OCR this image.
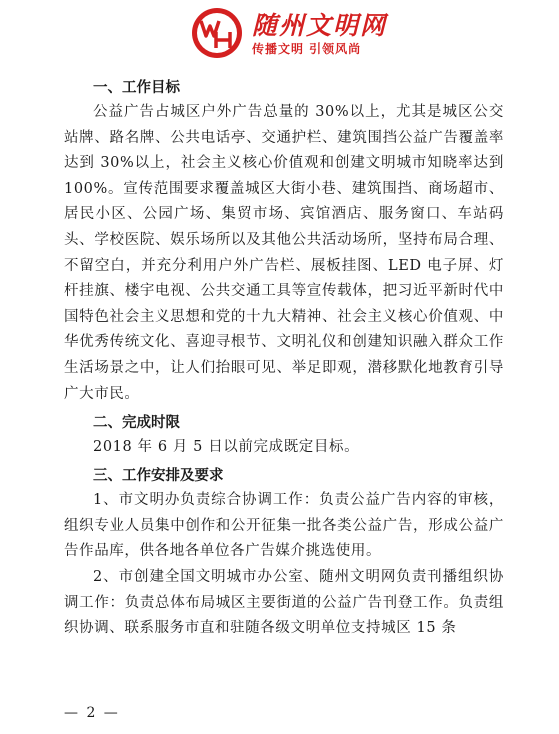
随州文明网
传播文明 引领风尚
一、工作目标

公益广告占城区户外广告总量的 30%以上，尤其是城区公交站牌、路名牌、公共电话亭、交通护栏、建筑围挡公益广告覆盖率达到 30%以上，社会主义核心价值观和创建文明城市知晓率达到 100%。宣传范围要求覆盖城区大街小巷、建筑围挡、商场超市、居民小区、公园广场、集贸市场、宾馆酒店、服务窗口、车站码头、学校医院、娱乐场所以及其他公共活动场所，坚持布局合理、不留空白，并充分利用户外广告栏、展板挂图、LED 电子屏、灯杆挂旗、楼宇电视、公共交通工具等宣传载体，把习近平新时代中国特色社会主义思想和党的十九大精神、社会主义核心价值观、中华优秀传统文化、喜迎寻根节、文明礼仪和创建知识融入群众工作生活场景之中，让人们抬眼可见、举足即观，潜移默化地教育引导广大市民。

二、完成时限

2018 年 6 月 5 日以前完成既定目标。

三、工作安排及要求

1、市文明办负责综合协调工作：负责公益广告内容的审核，组织专业人员集中创作和公开征集一批各类公益广告，形成公益广告作品库，供各地各单位各广告媒介挑选使用。

2、市创建全国文明城市办公室、随州文明网负责刊播组织协调工作：负责总体布局城区主要街道的公益广告刊登工作。负责组织协调、联系服务市直和驻随各级文明单位支持城区 15 条

— 2 —
